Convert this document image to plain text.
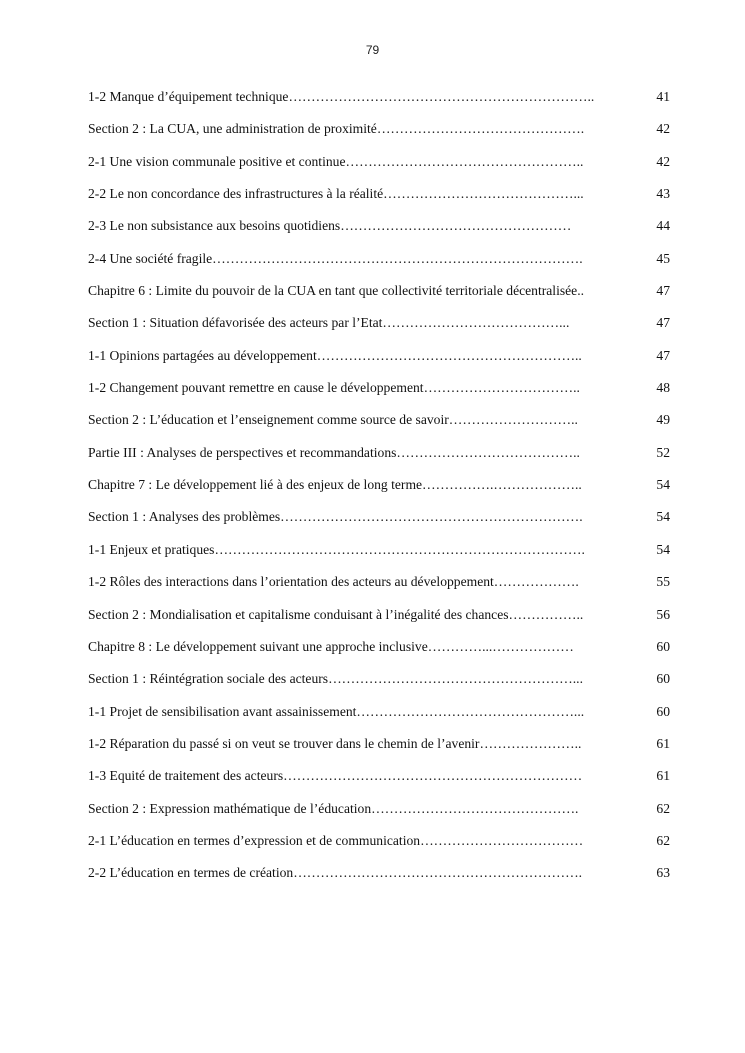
79
1-2 Manque d’équipement technique…………………………………………………………..	41
Section 2 : La CUA, une administration de proximité……………………………………….	42
2-1 Une vision communale positive et continue……………………………………………..	42
2-2 Le non concordance des infrastructures à la réalité……………………………………...	43
2-3 Le non subsistance aux besoins quotidiens……………………………………………	44
2-4 Une société fragile……………………………………………………………………….	45
Chapitre 6 : Limite du pouvoir de la CUA en tant que collectivité territoriale décentralisée..	47
Section 1 : Situation défavorisée des acteurs par l’Etat…………………………………...	47
1-1 Opinions partagées au développement…………………………………………………..	47
1-2 Changement pouvant remettre en cause le développement……………………………..	48
Section 2 : L’éducation et l’enseignement comme source de savoir………………………..	49
Partie III : Analyses de perspectives et recommandations…………………………………..	52
Chapitre 7 : Le développement lié à des enjeux de long terme…………….………………..	54
Section 1 : Analyses des problèmes………………………………………………………….	54
1-1 Enjeux et pratiques……………………………………………………………………….	54
1-2 Rôles des interactions dans l’orientation des acteurs au développement……………….	55
Section 2 : Mondialisation et capitalisme conduisant à l’inégalité des chances……………..	56
Chapitre 8 : Le développement suivant une approche inclusive…………...………………	60
Section 1 : Réintégration sociale des acteurs………………………………………………...	60
1-1 Projet de sensibilisation avant assainissement…………………………………………...	60
1-2 Réparation du passé si on veut se trouver dans le chemin de l’avenir…………………..	61
1-3 Equité de traitement des acteurs…………………………………………………………	61
Section 2 : Expression mathématique de l’éducation……………………………………….	62
2-1 L’éducation en termes d’expression et de communication………………………………	62
2-2 L’éducation en termes de création……………………………………………………….	63
